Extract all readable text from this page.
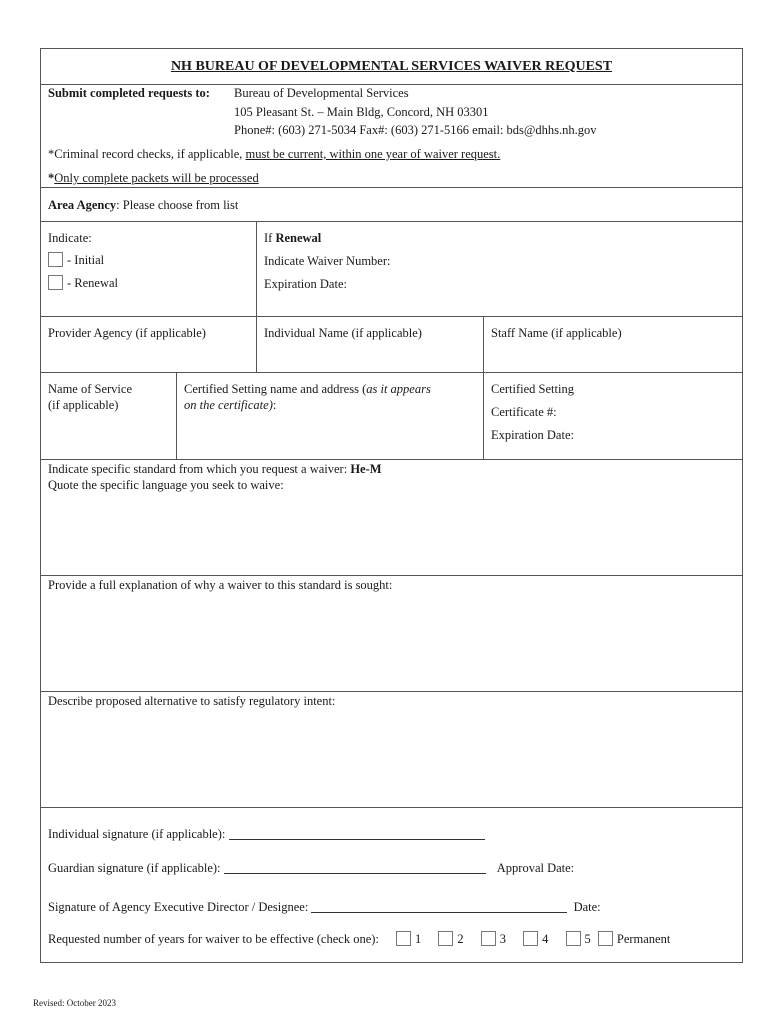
NH BUREAU OF DEVELOPMENTAL SERVICES WAIVER REQUEST
Submit completed requests to: Bureau of Developmental Services
105 Pleasant St. – Main Bldg, Concord, NH 03301
Phone#: (603) 271-5034 Fax#: (603) 271-5166 email: bds@dhhs.nh.gov
*Criminal record checks, if applicable, must be current, within one year of waiver request.
*Only complete packets will be processed
Area Agency: Please choose from list
Indicate:
- Initial
- Renewal
If Renewal
Indicate Waiver Number:
Expiration Date:
Provider Agency (if applicable)	Individual Name (if applicable)	Staff Name (if applicable)
Name of Service
(if applicable)
Certified Setting name and address (as it appears
on the certificate):
Certified Setting
Certificate #:
Expiration Date:
Indicate specific standard from which you request a waiver: He-M
Quote the specific language you seek to waive:
Provide a full explanation of why a waiver to this standard is sought:
Describe proposed alternative to satisfy regulatory intent:
Individual signature (if applicable):
Guardian signature (if applicable):	Approval Date:
Signature of Agency Executive Director / Designee:	Date:
Requested number of years for waiver to be effective (check one):	1	2	3	4	5 Permanent
Revised: October 2023
